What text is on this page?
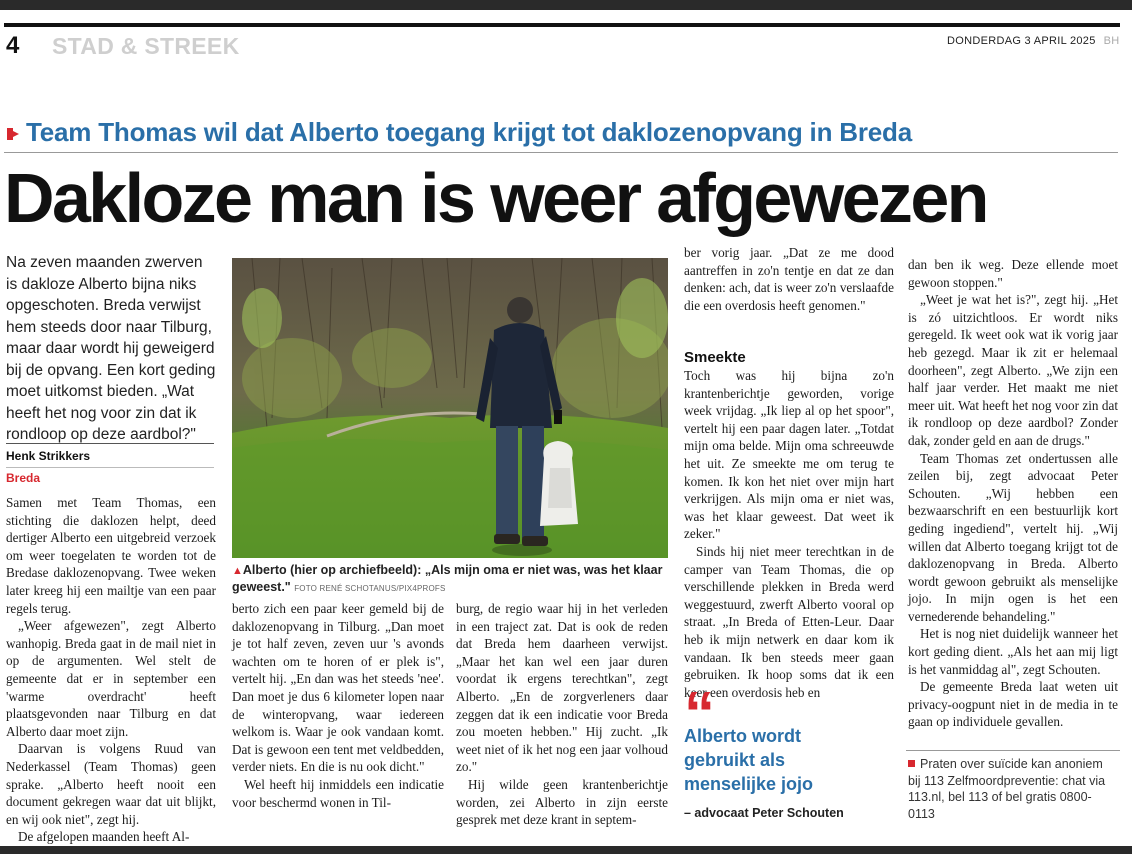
4 STAD & STREEK	DONDERDAG 3 APRIL 2025 BH
Team Thomas wil dat Alberto toegang krijgt tot daklozenopvang in Breda
Dakloze man is weer afgewezen

Na zeven maanden zwerven is dakloze Alberto bijna niks opgeschoten. Breda verwijst hem steeds door naar Tilburg, maar daar wordt hij geweigerd bij de opvang. Een kort geding moet uitkomst bieden. „Wat heeft het nog voor zin dat ik rondloop op deze aardbol?"

Henk Strikkers
Breda

Samen met Team Thomas, een stichting die daklozen helpt, deed dertiger Alberto een uitgebreid verzoek om weer toegelaten te worden tot de Bredase daklozenopvang. Twee weken later kreeg hij een mailtje van een paar regels terug.

„Weer afgewezen", zegt Alberto wanhopig. Breda gaat in de mail niet in op de argumenten. Wel stelt de gemeente dat er in september een 'warme overdracht' heeft plaatsgevonden naar Tilburg en dat Alberto daar moet zijn.

Daarvan is volgens Ruud van Nederkassel (Team Thomas) geen sprake. „Alberto heeft nooit een document gekregen waar dat uit blijkt, en wij ook niet", zegt hij.

De afgelopen maanden heeft Al-

▲Alberto (hier op archiefbeeld): „Als mijn oma er niet was, was het klaar geweest." FOTO RENÉ SCHOTANUS/PIX4PROFS

berto zich een paar keer gemeld bij de daklozenopvang in Tilburg. „Dan moet je tot half zeven, zeven uur 's avonds wachten om te horen of er plek is", vertelt hij. „En dan was het steeds 'nee'. Dan moet je dus 6 kilometer lopen naar de winteropvang, waar iedereen welkom is. Waar je ook vandaan komt. Dat is gewoon een tent met veldbedden, verder niets. En die is nu ook dicht."

Wel heeft hij inmiddels een indicatie voor beschermd wonen in Til-

burg, de regio waar hij in het verleden in een traject zat. Dat is ook de reden dat Breda hem daarheen verwijst. „Maar het kan wel een jaar duren voordat ik ergens terechtkan", zegt Alberto. „En de zorgverleners daar zeggen dat ik een indicatie voor Breda zou moeten hebben." Hij zucht. „Ik weet niet of ik het nog een jaar volhoud zo."

Hij wilde geen krantenberichtje worden, zei Alberto in zijn eerste gesprek met deze krant in septem-

ber vorig jaar. „Dat ze me dood aantreffen in zo'n tentje en dat ze dan denken: ach, dat is weer zo'n verslaafde die een overdosis heeft genomen."

Smeekte

Toch was hij bijna zo'n krantenberichtje geworden, vorige week vrijdag. „Ik liep al op het spoor", vertelt hij een paar dagen later. „Totdat mijn oma belde. Mijn oma schreeuwde het uit. Ze smeekte me om terug te komen. Ik kon het niet over mijn hart verkrijgen. Als mijn oma er niet was, was het klaar geweest. Dat weet ik zeker."

Sinds hij niet meer terechtkan in de camper van Team Thomas, die op verschillende plekken in Breda werd weggestuurd, zwerft Alberto vooral op straat. „In Breda of Etten-Leur. Daar heb ik mijn netwerk en daar kom ik vandaan. Ik ben steeds meer gaan gebruiken. Ik hoop soms dat ik een keer een overdosis heb en

“

Alberto wordt gebruikt als menselijke jojo

– advocaat Peter Schouten

dan ben ik weg. Deze ellende moet gewoon stoppen."

„Weet je wat het is?", zegt hij. „Het is zó uitzichtloos. Er wordt niks geregeld. Ik weet ook wat ik vorig jaar heb gezegd. Maar ik zit er helemaal doorheen", zegt Alberto. „We zijn een half jaar verder. Het maakt me niet meer uit. Wat heeft het nog voor zin dat ik rondloop op deze aardbol? Zonder dak, zonder geld en aan de drugs."

Team Thomas zet ondertussen alle zeilen bij, zegt advocaat Peter Schouten. „Wij hebben een bezwaarschrift en een bestuurlijk kort geding ingediend", vertelt hij. „Wij willen dat Alberto toegang krijgt tot de daklozenopvang in Breda. Alberto wordt gewoon gebruikt als menselijke jojo. In mijn ogen is het een vernederende behandeling."

Het is nog niet duidelijk wanneer het kort geding dient. „Als het aan mij ligt is het vanmiddag al", zegt Schouten.

De gemeente Breda laat weten uit privacy-oogpunt niet in de media in te gaan op individuele gevallen.

Praten over suïcide kan anoniem bij 113 Zelfmoordpreventie: chat via 113.nl, bel 113 of bel gratis 0800-0113
